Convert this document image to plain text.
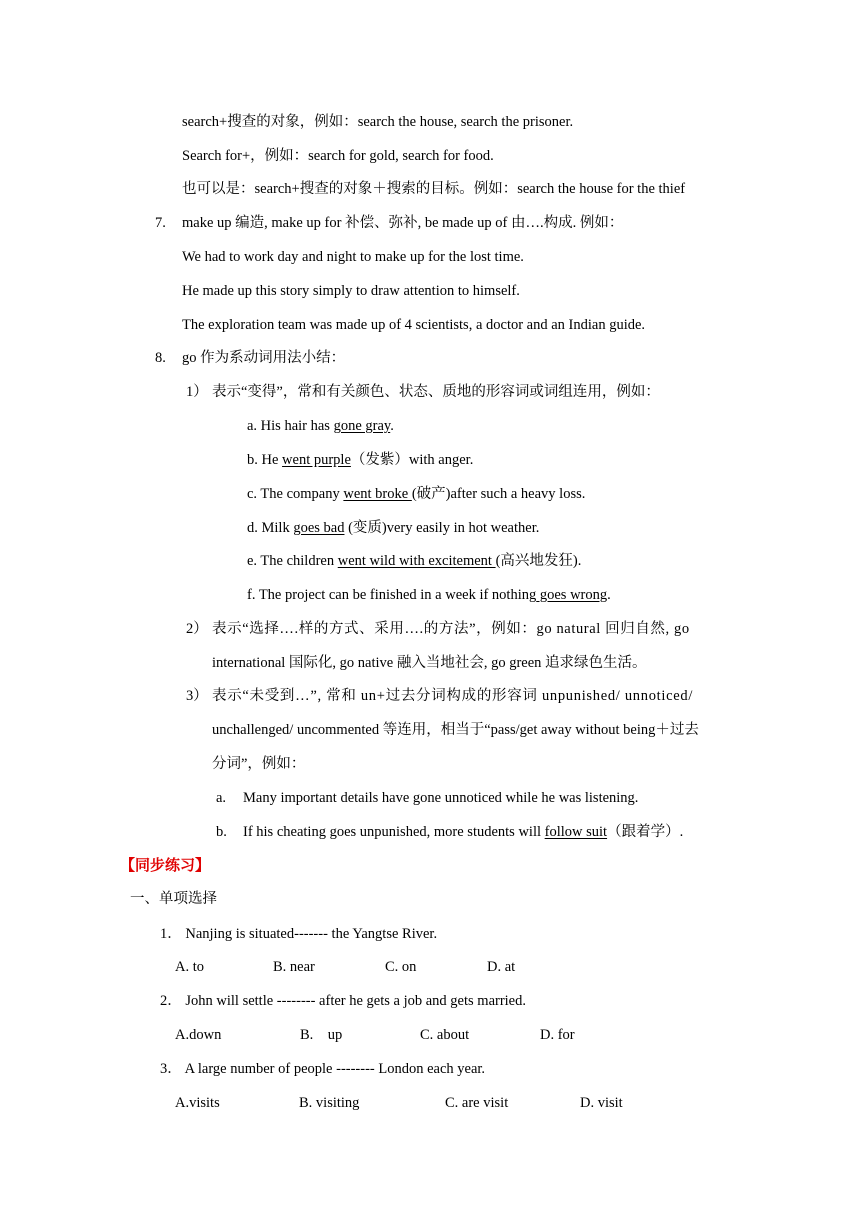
search+搜查的对象，例如：search the house, search the prisoner.
Search for+，例如：search for gold, search for food.
也可以是：search+搜查的对象＋搜索的目标。例如：search the house for the thief
7. make up 编造, make up for 补偿、弥补, be made up of 由….构成. 例如：
We had to work day and night to make up for the lost time.
He made up this story simply to draw attention to himself.
The exploration team was made up of 4 scientists, a doctor and an Indian guide.
8. go 作为系动词用法小结：
1） 表示“变得”，常和有关颜色、状态、质地的形容词或词组连用，例如：
a. His hair has gone gray.
b. He went purple（发紫）with anger.
c. The company went broke (破产)after such a heavy loss.
d. Milk goes bad (变质)very easily in hot weather.
e. The children went wild with excitement (高兴地发狂).
f. The project can be finished in a week if nothing goes wrong.
2） 表示“选择….样的方式、采用….的方法”，例如：go natural 回归自然, go
international 国际化, go native 融入当地社会, go green 追求绿色生活。
3） 表示“未受到…”, 常和 un+过去分词构成的形容词 unpunished/ unnoticed/
unchallenged/ uncommented 等连用，相当于“pass/get away without being＋过去
分词”，例如：
a. Many important details have gone unnoticed while he was listening.
b. If his cheating goes unpunished, more students will follow suit（跟着学）.
【同步练习】
一、单项选择
1． Nanjing is situated------- the Yangtse River.
A. to	B. near	C. on	D. at
2． John will settle -------- after he gets a job and gets married.
A.down	B.    up	C. about	D. for
3． A large number of people -------- London each year.
A.visits	B. visiting	C. are visit	D. visit
